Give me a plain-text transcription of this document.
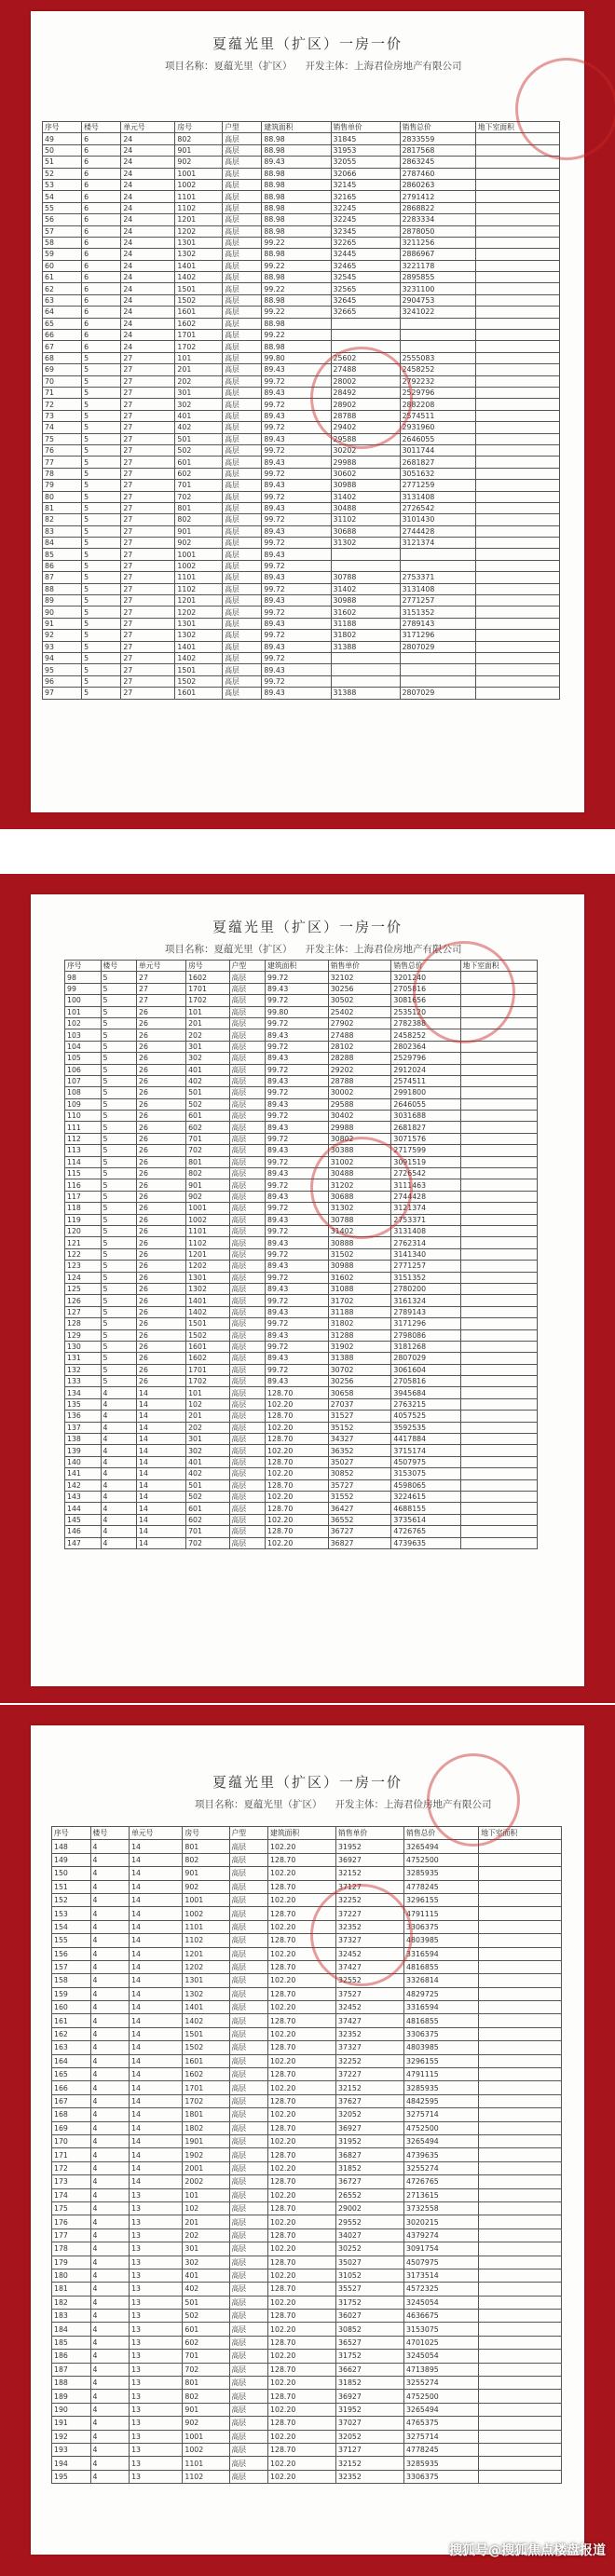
夏蕴光里（扩区）一房一价
项目名称：夏蕴光里（扩区） 开发主体：上海君俭房地产有限公司
序号	楼号	单元号	房号	户型	建筑面积	销售单价	销售总价	地下室面积
49	6	24	802	高层	88.98	31845	2833559	
50	6	24	901	高层	88.98	31953	2817568	
51	6	24	902	高层	89.43	32055	2863245	
52	6	24	1001	高层	88.98	32066	2787460	
53	6	24	1002	高层	88.98	32145	2860263	
54	6	24	1101	高层	88.98	32165	2791412	
55	6	24	1102	高层	88.98	32245	2868822	
56	6	24	1201	高层	88.98	32245	2283334	
57	6	24	1202	高层	88.98	32345	2878050	
58	6	24	1301	高层	99.22	32265	3211256	
59	6	24	1302	高层	88.98	32445	2886967	
60	6	24	1401	高层	99.22	32465	3221178	
61	6	24	1402	高层	88.98	32545	2895855	
62	6	24	1501	高层	99.22	32565	3231100	
63	6	24	1502	高层	88.98	32645	2904753	
64	6	24	1601	高层	99.22	32665	3241022	
65	6	24	1602	高层	88.98			
66	6	24	1701	高层	99.22			
67	6	24	1702	高层	88.98			
68	5	27	101	高层	99.80	25602	2555083	
69	5	27	201	高层	89.43	27488	2458252	
70	5	27	202	高层	99.72	28002	2792232	
71	5	27	301	高层	89.43	28492	2529796	
72	5	27	302	高层	99.72	28902	2882208	
73	5	27	401	高层	89.43	28788	2574511	
74	5	27	402	高层	99.72	29402	2931960	
75	5	27	501	高层	89.43	29588	2646055	
76	5	27	502	高层	99.72	30202	3011744	
77	5	27	601	高层	89.43	29988	2681827	
78	5	27	602	高层	99.72	30602	3051632	
79	5	27	701	高层	89.43	30988	2771259	
80	5	27	702	高层	99.72	31402	3131408	
81	5	27	801	高层	89.43	30488	2726542	
82	5	27	802	高层	99.72	31102	3101430	
83	5	27	901	高层	89.43	30688	2744428	
84	5	27	902	高层	99.72	31302	3121374	
85	5	27	1001	高层	89.43			
86	5	27	1002	高层	99.72			
87	5	27	1101	高层	89.43	30788	2753371	
88	5	27	1102	高层	99.72	31402	3131408	
89	5	27	1201	高层	89.43	30988	2771257	
90	5	27	1202	高层	99.72	31602	3151352	
91	5	27	1301	高层	89.43	31188	2789143	
92	5	27	1302	高层	99.72	31802	3171296	
93	5	27	1401	高层	89.43	31388	2807029	
94	5	27	1402	高层	99.72			
95	5	27	1501	高层	89.43			
96	5	27	1502	高层	99.72			
97	5	27	1601	高层	89.43	31388	2807029	
夏蕴光里（扩区）一房一价
项目名称：夏蕴光里（扩区） 开发主体：上海君俭房地产有限公司
序号	楼号	单元号	房号	户型	建筑面积	销售单价	销售总价	地下室面积
98	5	27	1602	高层	99.72	32102	3201240	
99	5	27	1701	高层	89.43	30256	2705816	
100	5	27	1702	高层	99.72	30502	3081656	
101	5	26	101	高层	99.80	25402	2535120	
102	5	26	201	高层	99.72	27902	2782388	
103	5	26	202	高层	89.43	27488	2458252	
104	5	26	301	高层	99.72	28102	2802364	
105	5	26	302	高层	89.43	28288	2529796	
106	5	26	401	高层	99.72	29202	2912024	
107	5	26	402	高层	89.43	28788	2574511	
108	5	26	501	高层	99.72	30002	2991800	
109	5	26	502	高层	89.43	29588	2646055	
110	5	26	601	高层	99.72	30402	3031688	
111	5	26	602	高层	89.43	29988	2681827	
112	5	26	701	高层	99.72	30802	3071576	
113	5	26	702	高层	89.43	30388	2717599	
114	5	26	801	高层	99.72	31002	3091519	
115	5	26	802	高层	89.43	30488	2726542	
116	5	26	901	高层	99.72	31202	3111463	
117	5	26	902	高层	89.43	30688	2744428	
118	5	26	1001	高层	99.72	31302	3121374	
119	5	26	1002	高层	89.43	30788	2753371	
120	5	26	1101	高层	99.72	31402	3131408	
121	5	26	1102	高层	89.43	30888	2762314	
122	5	26	1201	高层	99.72	31502	3141340	
123	5	26	1202	高层	89.43	30988	2771257	
124	5	26	1301	高层	99.72	31602	3151352	
125	5	26	1302	高层	89.43	31088	2780200	
126	5	26	1401	高层	99.72	31702	3161324	
127	5	26	1402	高层	89.43	31188	2789143	
128	5	26	1501	高层	99.72	31802	3171296	
129	5	26	1502	高层	89.43	31288	2798086	
130	5	26	1601	高层	99.72	31902	3181268	
131	5	26	1602	高层	89.43	31388	2807029	
132	5	26	1701	高层	99.72	30702	3061604	
133	5	26	1702	高层	89.43	30256	2705816	
134	4	14	101	高层	128.70	30658	3945684	
135	4	14	102	高层	102.20	27037	2763215	
136	4	14	201	高层	128.70	31527	4057525	
137	4	14	202	高层	102.20	35152	3592535	
138	4	14	301	高层	128.70	34327	4417884	
139	4	14	302	高层	102.20	36352	3715174	
140	4	14	401	高层	128.70	35027	4507975	
141	4	14	402	高层	102.20	30852	3153075	
142	4	14	501	高层	128.70	35727	4598065	
143	4	14	502	高层	102.20	31552	3224615	
144	4	14	601	高层	128.70	36427	4688155	
145	4	14	602	高层	102.20	36552	3735614	
146	4	14	701	高层	128.70	36727	4726765	
147	4	14	702	高层	102.20	36827	4739635	
夏蕴光里（扩区）一房一价
项目名称：夏蕴光里（扩区） 开发主体：上海君俭房地产有限公司
序号	楼号	单元号	房号	户型	建筑面积	销售单价	销售总价	地下室面积
148	4	14	801	高层	102.20	31952	3265494	
149	4	14	802	高层	128.70	36927	4752500	
150	4	14	901	高层	102.20	32152	3285935	
151	4	14	902	高层	128.70	37127	4778245	
152	4	14	1001	高层	102.20	32252	3296155	
153	4	14	1002	高层	128.70	37227	4791115	
154	4	14	1101	高层	102.20	32352	3306375	
155	4	14	1102	高层	128.70	37327	4803985	
156	4	14	1201	高层	102.20	32452	3316594	
157	4	14	1202	高层	128.70	37427	4816855	
158	4	14	1301	高层	102.20	32552	3326814	
159	4	14	1302	高层	128.70	37527	4829725	
160	4	14	1401	高层	102.20	32452	3316594	
161	4	14	1402	高层	128.70	37427	4816855	
162	4	14	1501	高层	102.20	32352	3306375	
163	4	14	1502	高层	128.70	37327	4803985	
164	4	14	1601	高层	102.20	32252	3296155	
165	4	14	1602	高层	128.70	37227	4791115	
166	4	14	1701	高层	102.20	32152	3285935	
167	4	14	1702	高层	128.70	37627	4842595	
168	4	14	1801	高层	102.20	32052	3275714	
169	4	14	1802	高层	128.70	36927	4752500	
170	4	14	1901	高层	102.20	31952	3265494	
171	4	14	1902	高层	128.70	36827	4739635	
172	4	14	2001	高层	102.20	31852	3255274	
173	4	14	2002	高层	128.70	36727	4726765	
174	4	13	101	高层	102.20	26552	2713615	
175	4	13	102	高层	128.70	29002	3732558	
176	4	13	201	高层	102.20	29552	3020215	
177	4	13	202	高层	128.70	34027	4379274	
178	4	13	301	高层	102.20	30252	3091754	
179	4	13	302	高层	128.70	35027	4507975	
180	4	13	401	高层	102.20	31052	3173514	
181	4	13	402	高层	128.70	35527	4572325	
182	4	13	501	高层	102.20	31752	3245054	
183	4	13	502	高层	128.70	36027	4636675	
184	4	13	601	高层	102.20	30852	3153075	
185	4	13	602	高层	128.70	36527	4701025	
186	4	13	701	高层	102.20	31752	3245054	
187	4	13	702	高层	128.70	36627	4713895	
188	4	13	801	高层	102.20	31852	3255274	
189	4	13	802	高层	128.70	36927	4752500	
190	4	13	901	高层	102.20	31952	3265494	
191	4	13	902	高层	128.70	37027	4765375	
192	4	13	1001	高层	102.20	32052	3275714	
193	4	13	1002	高层	128.70	37127	4778245	
194	4	13	1101	高层	102.20	32152	3285935	
195	4	13	1102	高层	102.20	32352	3306375	
搜狐号@搜狐焦点楼盘报道
